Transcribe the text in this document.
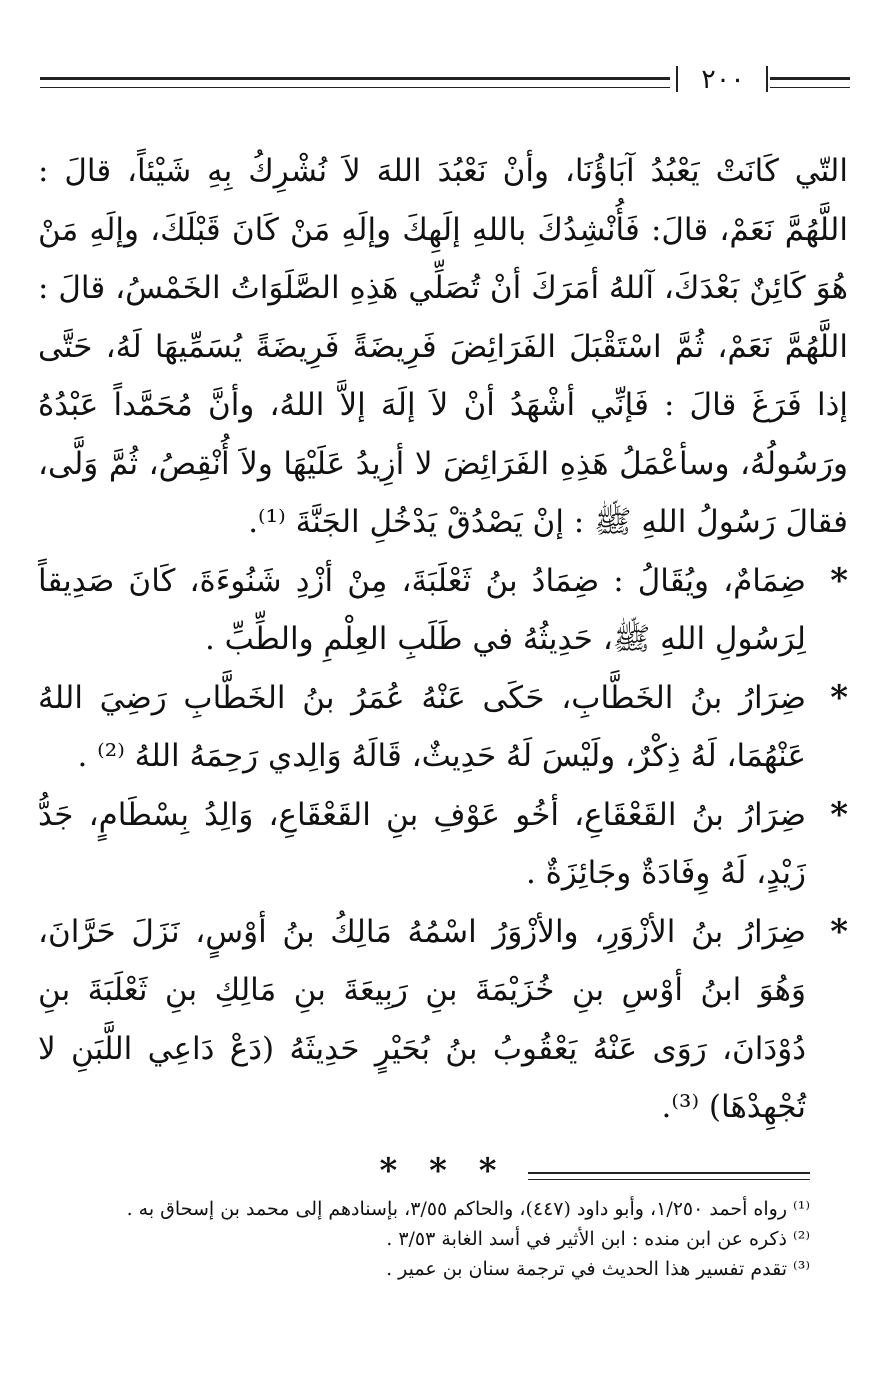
٢٠٠

التّي كَانَتْ يَعْبُدُ آبَاؤُنَا، وأنْ نَعْبُدَ اللهَ لاَ نُشْرِكُ بِهِ شَيْئاً، قالَ : اللَّهُمَّ نَعَمْ، قالَ: فَأُنْشِدُكَ باللهِ إلَهِكَ وإلَهِ مَنْ كَانَ قَبْلَكَ، وإلَهِ مَنْ هُوَ كَائِنٌ بَعْدَكَ، آللهُ أمَرَكَ أنْ تُصَلِّي هَذِهِ الصَّلَوَاتُ الخَمْسُ، قالَ : اللَّهُمَّ نَعَمْ، ثُمَّ اسْتَقْبَلَ الفَرَائِضَ فَرِيضَةً فَرِيضَةً يُسَمِّيهَا لَهُ، حَتَّى إذا فَرَغَ قالَ : فَإنِّي أشْهَدُ أنْ لاَ إلَهَ إلاَّ اللهُ، وأنَّ مُحَمَّداً عَبْدُهُ ورَسُولُهُ، وسأعْمَلُ هَذِهِ الفَرَائِضَ لا أزِيدُ عَلَيْهَا ولاَ أُنْقِصُ، ثُمَّ وَلَّى، فقالَ رَسُولُ اللهِ ﷺ : إنْ يَصْدُقْ يَدْخُلِ الجَنَّةَ ⁽¹⁾.

*
ضِمَامٌ، ويُقَالُ : ضِمَادُ بنُ ثَعْلَبَةَ، مِنْ أزْدِ شَنُوءَةَ، كَانَ صَدِيقاً لِرَسُولِ اللهِ ﷺ، حَدِيثُهُ في طَلَبِ العِلْمِ والطِّبِّ .
*
ضِرَارُ بنُ الخَطَّابِ، حَكَى عَنْهُ عُمَرُ بنُ الخَطَّابِ رَضِيَ اللهُ عَنْهُمَا، لَهُ ذِكْرٌ، ولَيْسَ لَهُ حَدِيثٌ، قَالَهُ وَالِدي رَحِمَهُ اللهُ ⁽²⁾ .
*
ضِرَارُ بنُ القَعْقَاعِ، أخُو عَوْفِ بنِ القَعْقَاعِ، وَالِدُ بِسْطَامٍ، جَدُّ زَيْدٍ، لَهُ وِفَادَةٌ وجَائِزَةٌ .
*
ضِرَارُ بنُ الأزْوَرِ، والأزْوَرُ اسْمُهُ مَالِكُ بنُ أوْسٍ، نَزَلَ حَرَّانَ، وَهُوَ ابنُ أوْسِ بنِ خُزَيْمَةَ بنِ رَبِيعَةَ بنِ مَالِكِ بنِ ثَعْلَبَةَ بنِ دُوْدَانَ، رَوَى عَنْهُ يَعْقُوبُ بنُ بُحَيْرٍ حَدِيثَهُ (دَعْ دَاعِي اللَّبَنِ لا تُجْهِدْهَا) ⁽³⁾.
* * *

⁽¹⁾ رواه أحمد ١/٢٥٠، وأبو داود (٤٤٧)، والحاكم ٣/٥٥، بإسنادهم إلى محمد بن إسحاق به .

⁽²⁾ ذكره عن ابن منده : ابن الأثير في أسد الغابة ٣/٥٣ .

⁽³⁾ تقدم تفسير هذا الحديث في ترجمة سنان بن عمير .
